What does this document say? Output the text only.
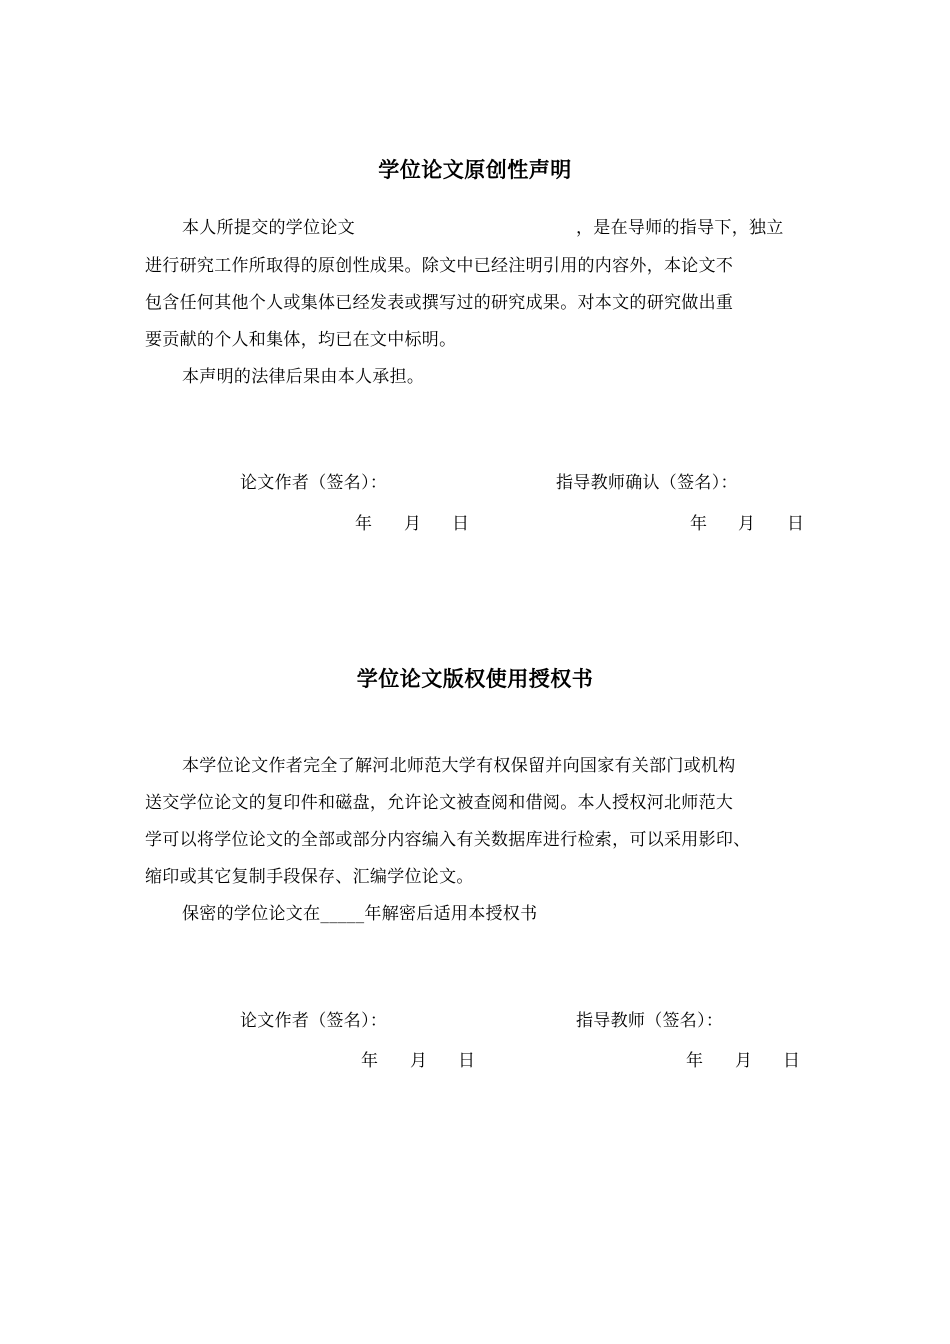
学位论文原创性声明

本人所提交的学位论文	，是在导师的指导下，独立

进行研究工作所取得的原创性成果。除文中已经注明引用的内容外，本论文不

包含任何其他个人或集体已经发表或撰写过的研究成果。对本文的研究做出重

要贡献的个人和集体，均已在文中标明。

本声明的法律后果由本人承担。

论文作者（签名）：	指导教师确认（签名）：

年 月 日	年 月 日
学位论文版权使用授权书

本学位论文作者完全了解河北师范大学有权保留并向国家有关部门或机构

送交学位论文的复印件和磁盘，允许论文被查阅和借阅。本人授权河北师范大

学可以将学位论文的全部或部分内容编入有关数据库进行检索，可以采用影印、

缩印或其它复制手段保存、汇编学位论文。

保密的学位论文在_____年解密后适用本授权书

论文作者（签名）：	指导教师（签名）：

年 月 日	年 月 日
